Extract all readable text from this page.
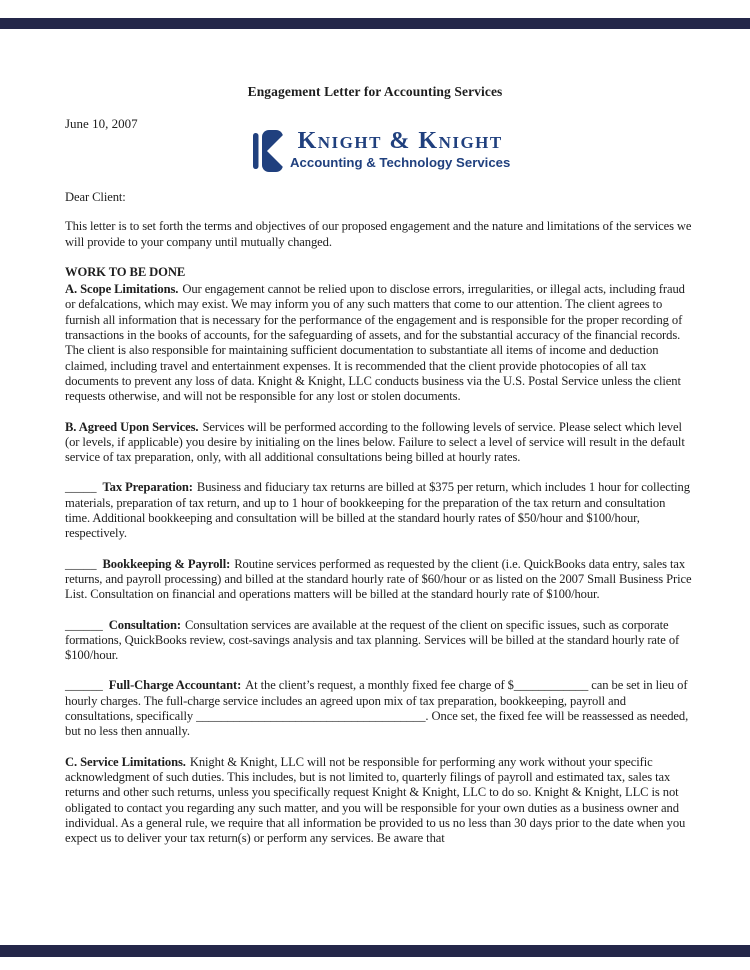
Engagement Letter for Accounting Services
June 10, 2007
Knight & Knight
Accounting & Technology Services

Dear Client:

This letter is to set forth the terms and objectives of our proposed engagement and the nature and limitations of the services we will provide to your company until mutually changed.

WORK TO BE DONE

A. Scope Limitations. Our engagement cannot be relied upon to disclose errors, irregularities, or illegal acts, including fraud or defalcations, which may exist. We may inform you of any such matters that come to our attention. The client agrees to furnish all information that is necessary for the performance of the engagement and is responsible for the proper recording of transactions in the books of accounts, for the safeguarding of assets, and for the substantial accuracy of the financial records. The client is also responsible for maintaining sufficient documentation to substantiate all items of income and deduction claimed, including travel and entertainment expenses. It is recommended that the client provide photocopies of all tax documents to prevent any loss of data. Knight & Knight, LLC conducts business via the U.S. Postal Service unless the client requests otherwise, and will not be responsible for any lost or stolen documents.

B. Agreed Upon Services. Services will be performed according to the following levels of service. Please select which level (or levels, if applicable) you desire by initialing on the lines below. Failure to select a level of service will result in the default service of tax preparation, only, with all additional consultations being billed at hourly rates.

_____ Tax Preparation: Business and fiduciary tax returns are billed at $375 per return, which includes 1 hour for collecting materials, preparation of tax return, and up to 1 hour of bookkeeping for the preparation of the tax return and consultation time. Additional bookkeeping and consultation will be billed at the standard hourly rates of $50/hour and $100/hour, respectively.

_____ Bookkeeping & Payroll: Routine services performed as requested by the client (i.e. QuickBooks data entry, sales tax returns, and payroll processing) and billed at the standard hourly rate of $60/hour or as listed on the 2007 Small Business Price List. Consultation on financial and operations matters will be billed at the standard hourly rate of $100/hour.

______ Consultation: Consultation services are available at the request of the client on specific issues, such as corporate formations, QuickBooks review, cost-savings analysis and tax planning. Services will be billed at the standard hourly rate of $100/hour.

______ Full-Charge Accountant: At the client’s request, a monthly fixed fee charge of $____________ can be set in lieu of hourly charges. The full-charge service includes an agreed upon mix of tax preparation, bookkeeping, payroll and consultations, specifically _____________________________________. Once set, the fixed fee will be reassessed as needed, but no less then annually.

C. Service Limitations. Knight & Knight, LLC will not be responsible for performing any work without your specific acknowledgment of such duties. This includes, but is not limited to, quarterly filings of payroll and estimated tax, sales tax returns and other such returns, unless you specifically request Knight & Knight, LLC to do so. Knight & Knight, LLC is not obligated to contact you regarding any such matter, and you will be responsible for your own duties as a business owner and individual. As a general rule, we require that all information be provided to us no less than 30 days prior to the date when you expect us to deliver your tax return(s) or perform any services. Be aware that
